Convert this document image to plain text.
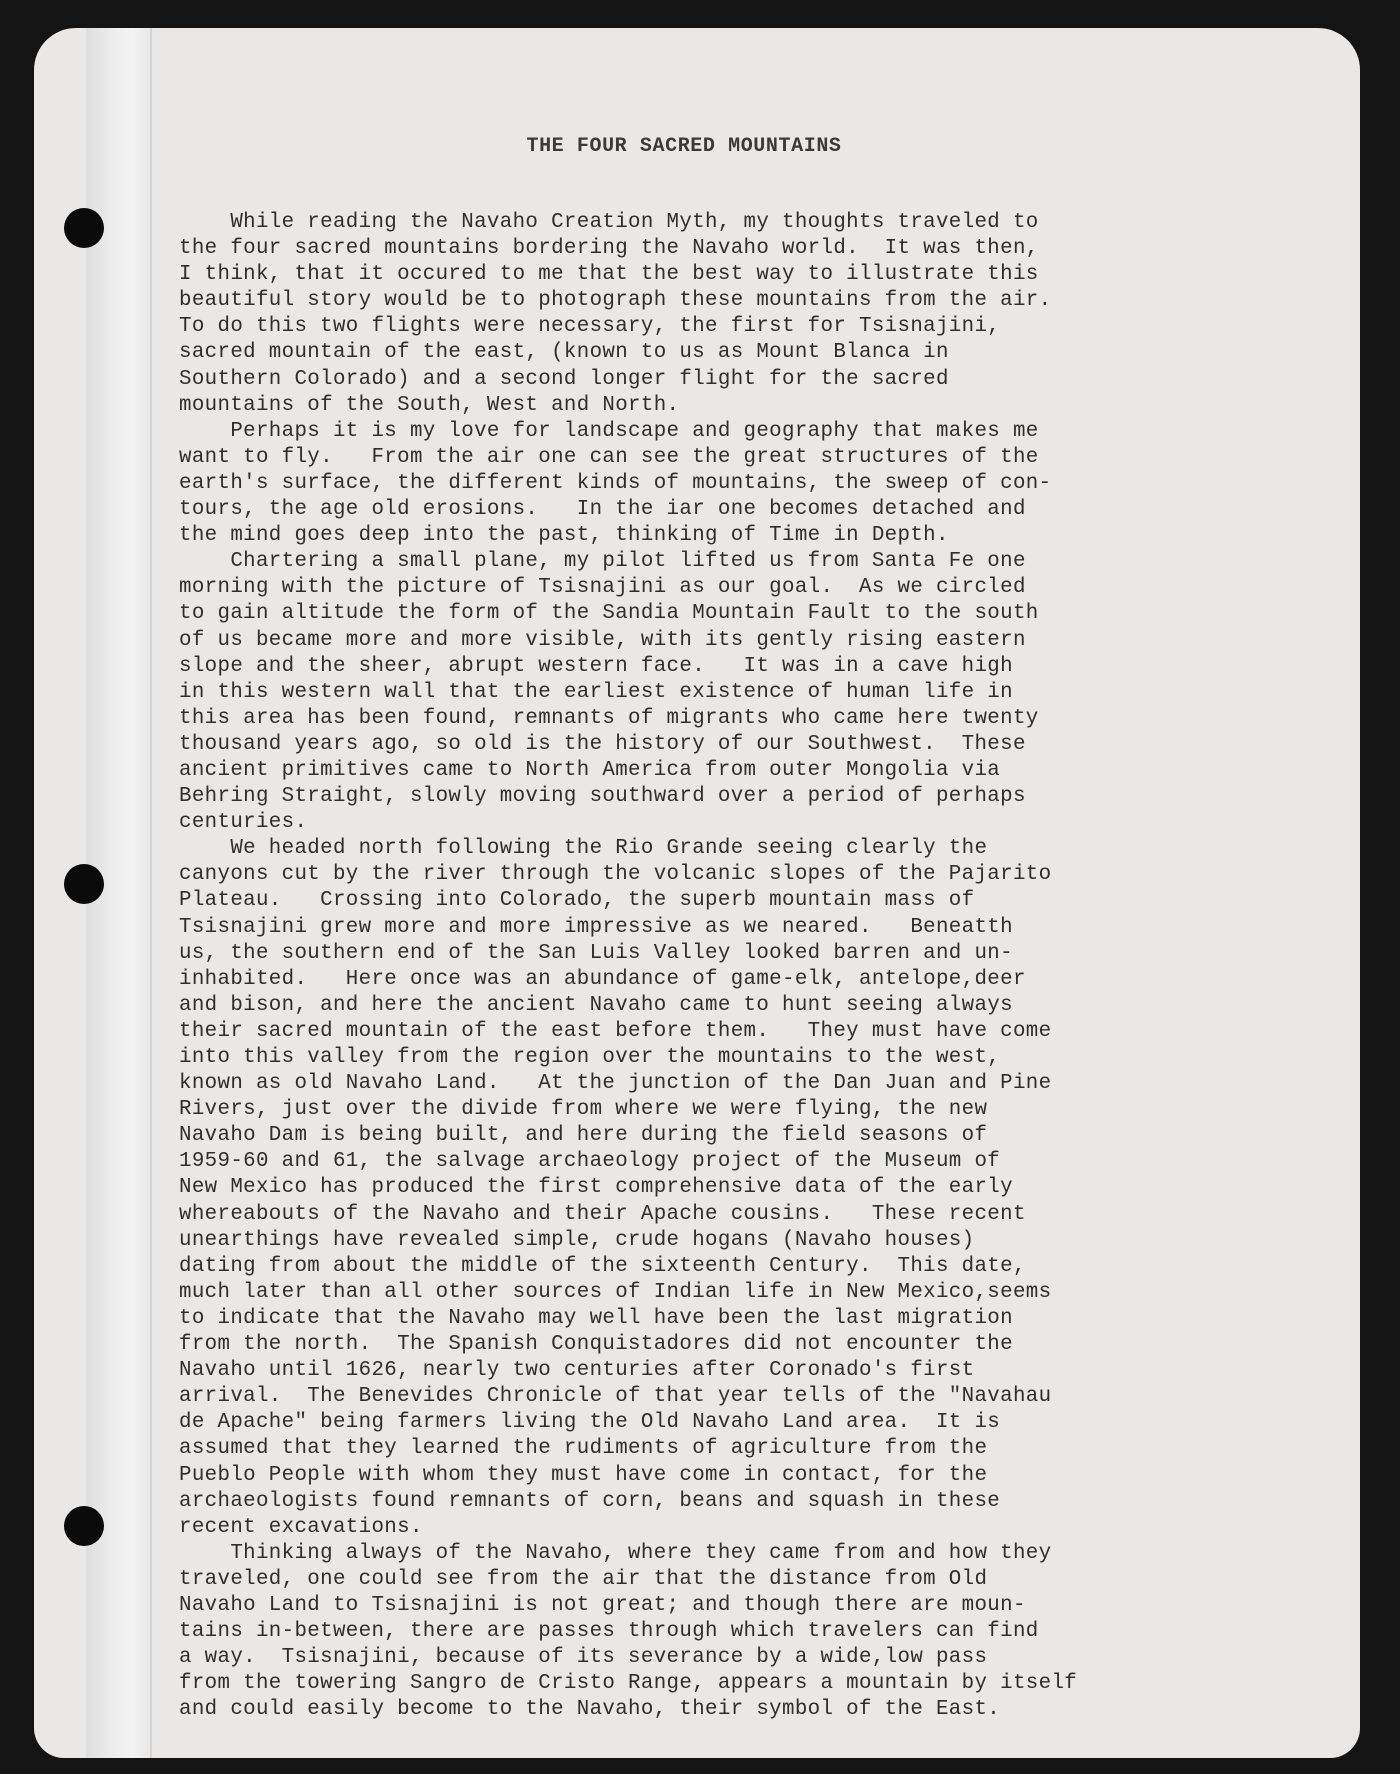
THE FOUR SACRED MOUNTAINS
While reading the Navaho Creation Myth, my thoughts traveled to
the four sacred mountains bordering the Navaho world.  It was then,
I think, that it occured to me that the best way to illustrate this
beautiful story would be to photograph these mountains from the air.
To do this two flights were necessary, the first for Tsisnajini,
sacred mountain of the east, (known to us as Mount Blanca in
Southern Colorado) and a second longer flight for the sacred
mountains of the South, West and North.
Perhaps it is my love for landscape and geography that makes me
want to fly.   From the air one can see the great structures of the
earth's surface, the different kinds of mountains, the sweep of con-
tours, the age old erosions.   In the iar one becomes detached and
the mind goes deep into the past, thinking of Time in Depth.
Chartering a small plane, my pilot lifted us from Santa Fe one
morning with the picture of Tsisnajini as our goal.  As we circled
to gain altitude the form of the Sandia Mountain Fault to the south
of us became more and more visible, with its gently rising eastern
slope and the sheer, abrupt western face.   It was in a cave high
in this western wall that the earliest existence of human life in
this area has been found, remnants of migrants who came here twenty
thousand years ago, so old is the history of our Southwest.  These
ancient primitives came to North America from outer Mongolia via
Behring Straight, slowly moving southward over a period of perhaps
centuries.
We headed north following the Rio Grande seeing clearly the
canyons cut by the river through the volcanic slopes of the Pajarito
Plateau.   Crossing into Colorado, the superb mountain mass of
Tsisnajini grew more and more impressive as we neared.   Beneatth
us, the southern end of the San Luis Valley looked barren and un-
inhabited.   Here once was an abundance of game-elk, antelope,deer
and bison, and here the ancient Navaho came to hunt seeing always
their sacred mountain of the east before them.   They must have come
into this valley from the region over the mountains to the west,
known as old Navaho Land.   At the junction of the Dan Juan and Pine
Rivers, just over the divide from where we were flying, the new
Navaho Dam is being built, and here during the field seasons of
1959-60 and 61, the salvage archaeology project of the Museum of
New Mexico has produced the first comprehensive data of the early
whereabouts of the Navaho and their Apache cousins.   These recent
unearthings have revealed simple, crude hogans (Navaho houses)
dating from about the middle of the sixteenth Century.  This date,
much later than all other sources of Indian life in New Mexico,seems
to indicate that the Navaho may well have been the last migration
from the north.  The Spanish Conquistadores did not encounter the
Navaho until 1626, nearly two centuries after Coronado's first
arrival.  The Benevides Chronicle of that year tells of the "Navahau
de Apache" being farmers living the Old Navaho Land area.  It is
assumed that they learned the rudiments of agriculture from the
Pueblo People with whom they must have come in contact, for the
archaeologists found remnants of corn, beans and squash in these
recent excavations.
Thinking always of the Navaho, where they came from and how they
traveled, one could see from the air that the distance from Old
Navaho Land to Tsisnajini is not great; and though there are moun-
tains in-between, there are passes through which travelers can find
a way.  Tsisnajini, because of its severance by a wide,low pass
from the towering Sangro de Cristo Range, appears a mountain by itself
and could easily become to the Navaho, their symbol of the East.
